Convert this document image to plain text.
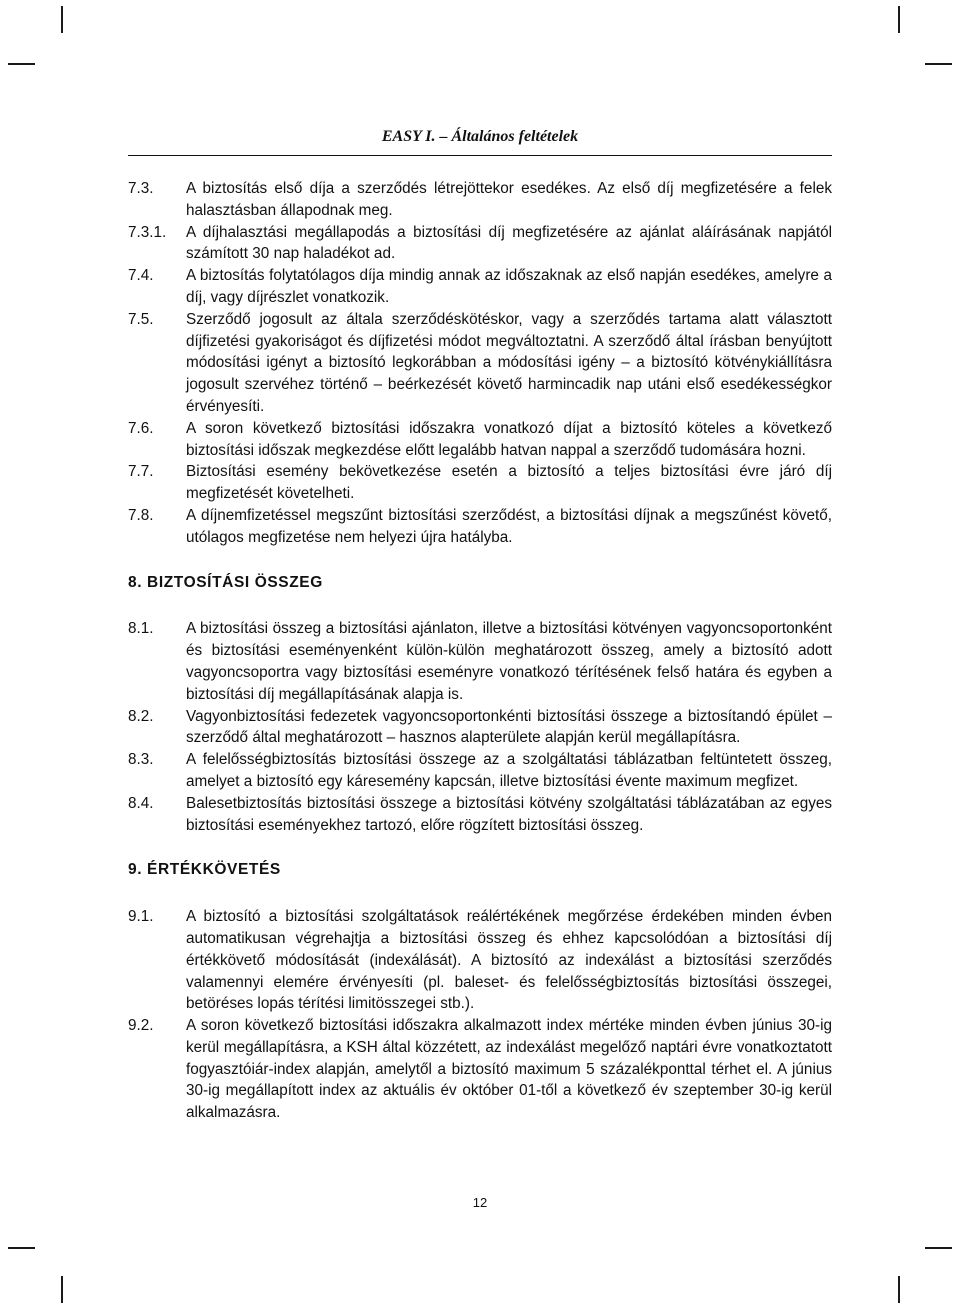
EASY I. – Általános feltételek
7.3.	A biztosítás első díja a szerződés létrejöttekor esedékes. Az első díj megfizetésére a felek halasztásban állapodnak meg.
7.3.1.	A díjhalasztási megállapodás a biztosítási díj megfizetésére az ajánlat aláírásának napjától számított 30 nap haladékot ad.
7.4.	A biztosítás folytatólagos díja mindig annak az időszaknak az első napján esedékes, amelyre a díj, vagy díjrészlet vonatkozik.
7.5.	Szerződő jogosult az általa szerződéskötéskor, vagy a szerződés tartama alatt választott díjfizetési gyakoriságot és díjfizetési módot megváltoztatni. A szerződő által írásban benyújtott módosítási igényt a biztosító legkorábban a módosítási igény – a biztosító kötvénykiállításra jogosult szervéhez történő – beérkezését követő harmincadik nap utáni első esedékességkor érvényesíti.
7.6.	A soron következő biztosítási időszakra vonatkozó díjat a biztosító köteles a következő biztosítási időszak megkezdése előtt legalább hatvan nappal a szerződő tudomására hozni.
7.7.	Biztosítási esemény bekövetkezése esetén a biztosító a teljes biztosítási évre járó díj megfizetését követelheti.
7.8.	A díjnemfizetéssel megszűnt biztosítási szerződést, a biztosítási díjnak a megszűnést követő, utólagos megfizetése nem helyezi újra hatályba.
8. BIZTOSÍTÁSI ÖSSZEG
8.1.	A biztosítási összeg a biztosítási ajánlaton, illetve a biztosítási kötvényen vagyoncsoportonként és biztosítási eseményenként külön-külön meghatározott összeg, amely a biztosító adott vagyoncsoportra vagy biztosítási eseményre vonatkozó térítésének felső határa és egyben a biztosítási díj megállapításának alapja is.
8.2.	Vagyonbiztosítási fedezetek vagyoncsoportonkénti biztosítási összege a biztosítandó épület – szerződő által meghatározott – hasznos alapterülete alapján kerül megállapításra.
8.3.	A felelősségbiztosítás biztosítási összege az a szolgáltatási táblázatban feltüntetett összeg, amelyet a biztosító egy káresemény kapcsán, illetve biztosítási évente maximum megfizet.
8.4.	Balesetbiztosítás biztosítási összege a biztosítási kötvény szolgáltatási táblázatában az egyes biztosítási eseményekhez tartozó, előre rögzített biztosítási összeg.
9. ÉRTÉKKÖVETÉS
9.1.	A biztosító a biztosítási szolgáltatások reálértékének megőrzése érdekében minden évben automatikusan végrehajtja a biztosítási összeg és ehhez kapcsolódóan a biztosítási díj értékkövető módosítását (indexálását). A biztosító az indexálást a biztosítási szerződés valamennyi elemére érvényesíti (pl. baleset- és felelősségbiztosítás biztosítási összegei, betöréses lopás térítési limitösszegei stb.).
9.2.	A soron következő biztosítási időszakra alkalmazott index mértéke minden évben június 30-ig kerül megállapításra, a KSH által közzétett, az indexálást megelőző naptári évre vonatkoztatott fogyasztóiár-index alapján, amelytől a biztosító maximum 5 százalékponttal térhet el. A június 30-ig megállapított index az aktuális év október 01-től a következő év szeptember 30-ig kerül alkalmazásra.
12
